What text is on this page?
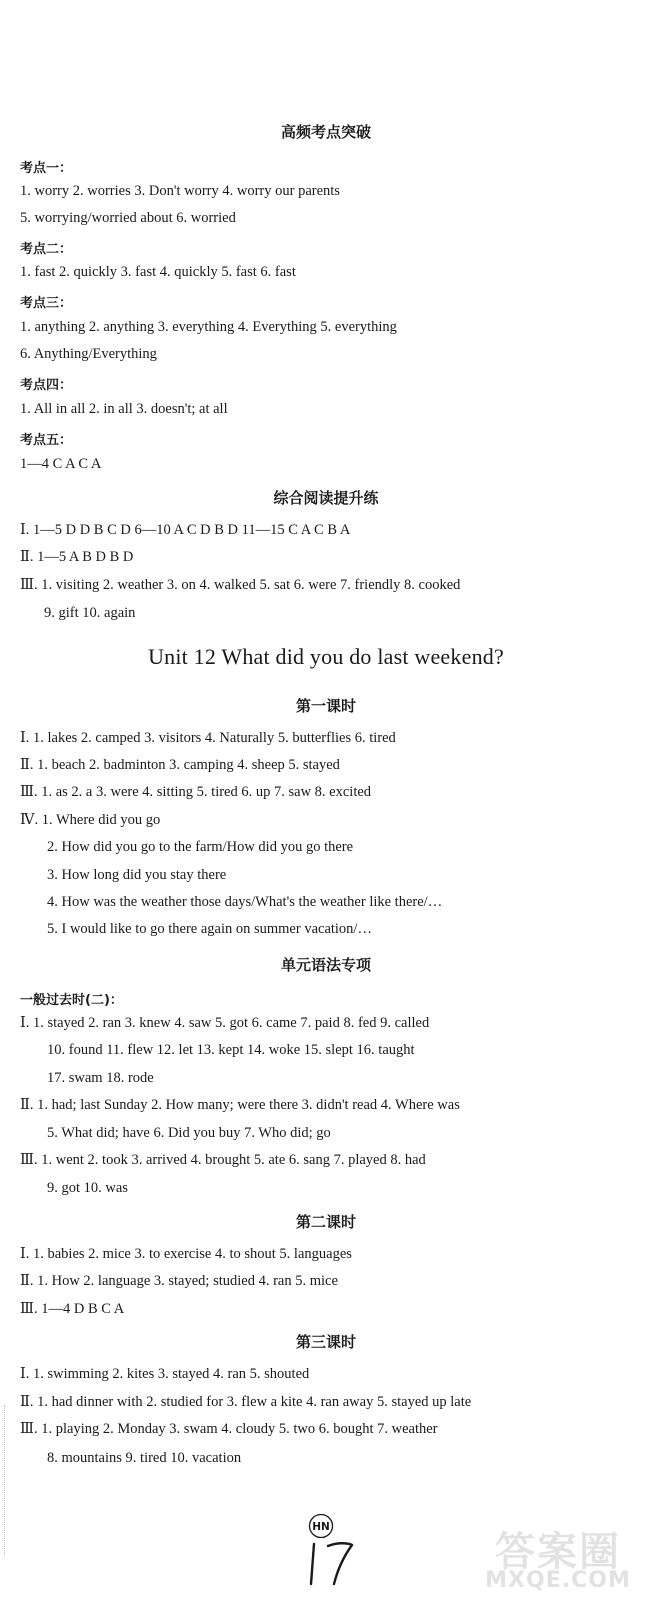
高频考点突破
考点一：
1. worry 2. worries 3. Don't worry 4. worry our parents
5. worrying/worried about 6. worried
考点二：
1. fast 2. quickly 3. fast 4. quickly 5. fast 6. fast
考点三：
1. anything 2. anything 3. everything 4. Everything 5. everything
6. Anything/Everything
考点四：
1. All in all 2. in all 3. doesn't; at all
考点五：
1—4 C A C A
综合阅读提升练
Ⅰ. 1—5 D D B C D 6—10 A C D B D 11—15 C A C B A
Ⅱ. 1—5 A B D B D
Ⅲ. 1. visiting 2. weather 3. on 4. walked 5. sat 6. were 7. friendly 8. cooked
9. gift 10. again
Unit 12 What did you do last weekend?
第一课时
Ⅰ. 1. lakes 2. camped 3. visitors 4. Naturally 5. butterflies 6. tired
Ⅱ. 1. beach 2. badminton 3. camping 4. sheep 5. stayed
Ⅲ. 1. as 2. a 3. were 4. sitting 5. tired 6. up 7. saw 8. excited
Ⅳ. 1. Where did you go
2. How did you go to the farm/How did you go there
3. How long did you stay there
4. How was the weather those days/What's the weather like there/…
5. I would like to go there again on summer vacation/…
单元语法专项
一般过去时(二)：
Ⅰ. 1. stayed 2. ran 3. knew 4. saw 5. got 6. came 7. paid 8. fed 9. called
10. found 11. flew 12. let 13. kept 14. woke 15. slept 16. taught
17. swam 18. rode
Ⅱ. 1. had; last Sunday 2. How many; were there 3. didn't read 4. Where was
5. What did; have 6. Did you buy 7. Who did; go
Ⅲ. 1. went 2. took 3. arrived 4. brought 5. ate 6. sang 7. played 8. had
9. got 10. was
第二课时
Ⅰ. 1. babies 2. mice 3. to exercise 4. to shout 5. languages
Ⅱ. 1. How 2. language 3. stayed; studied 4. ran 5. mice
Ⅲ. 1—4 D B C A
第三课时
Ⅰ. 1. swimming 2. kites 3. stayed 4. ran 5. shouted
Ⅱ. 1. had dinner with 2. studied for 3. flew a kite 4. ran away 5. stayed up late
Ⅲ. 1. playing 2. Monday 3. swam 4. cloudy 5. two 6. bought 7. weather
8. mountains 9. tired 10. vacation
HN
答案圈
MXQE.COM
